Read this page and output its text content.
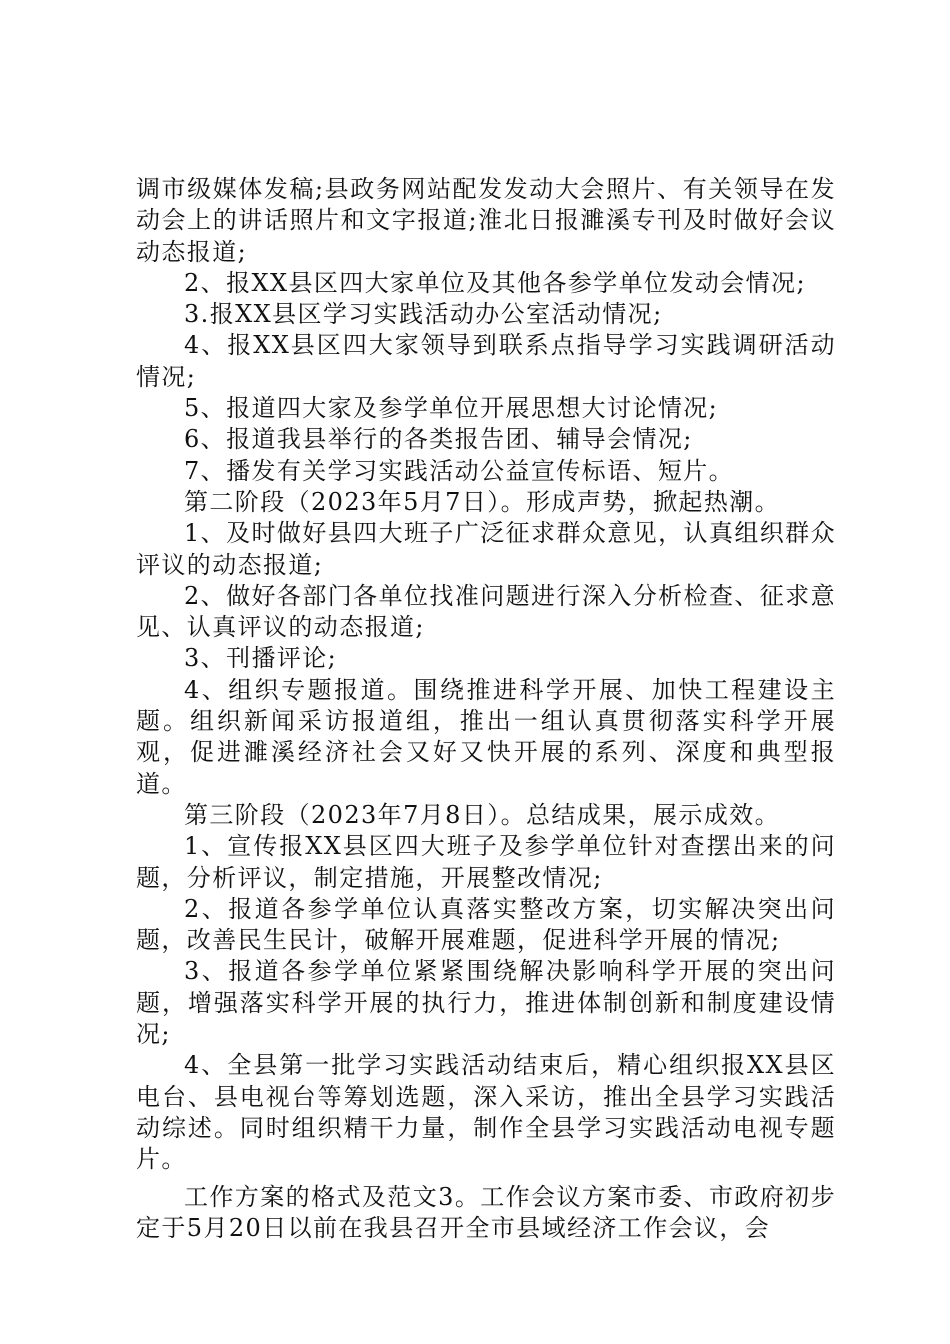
调市级媒体发稿;县政务网站配发发动大会照片、有关领导在发动会上的讲话照片和文字报道;淮北日报濉溪专刊及时做好会议动态报道;

2、报XX县区四大家单位及其他各参学单位发动会情况;

3.报XX县区学习实践活动办公室活动情况;

4、报XX县区四大家领导到联系点指导学习实践调研活动情况;

5、报道四大家及参学单位开展思想大讨论情况;

6、报道我县举行的各类报告团、辅导会情况;

7、播发有关学习实践活动公益宣传标语、短片。

第二阶段（2023年5月7日）。形成声势，掀起热潮。

1、及时做好县四大班子广泛征求群众意见，认真组织群众评议的动态报道;

2、做好各部门各单位找准问题进行深入分析检查、征求意见、认真评议的动态报道;

3、刊播评论;

4、组织专题报道。围绕推进科学开展、加快工程建设主题。组织新闻采访报道组，推出一组认真贯彻落实科学开展观，促进濉溪经济社会又好又快开展的系列、深度和典型报道。

第三阶段（2023年7月8日）。总结成果，展示成效。

1、宣传报XX县区四大班子及参学单位针对查摆出来的问题，分析评议，制定措施，开展整改情况;

2、报道各参学单位认真落实整改方案，切实解决突出问题，改善民生民计，破解开展难题，促进科学开展的情况;

3、报道各参学单位紧紧围绕解决影响科学开展的突出问题，增强落实科学开展的执行力，推进体制创新和制度建设情况;

4、全县第一批学习实践活动结束后，精心组织报XX县区电台、县电视台等筹划选题，深入采访，推出全县学习实践活动综述。同时组织精干力量，制作全县学习实践活动电视专题片。

工作方案的格式及范文3。工作会议方案市委、市政府初步定于5月20日以前在我县召开全市县域经济工作会议，会
